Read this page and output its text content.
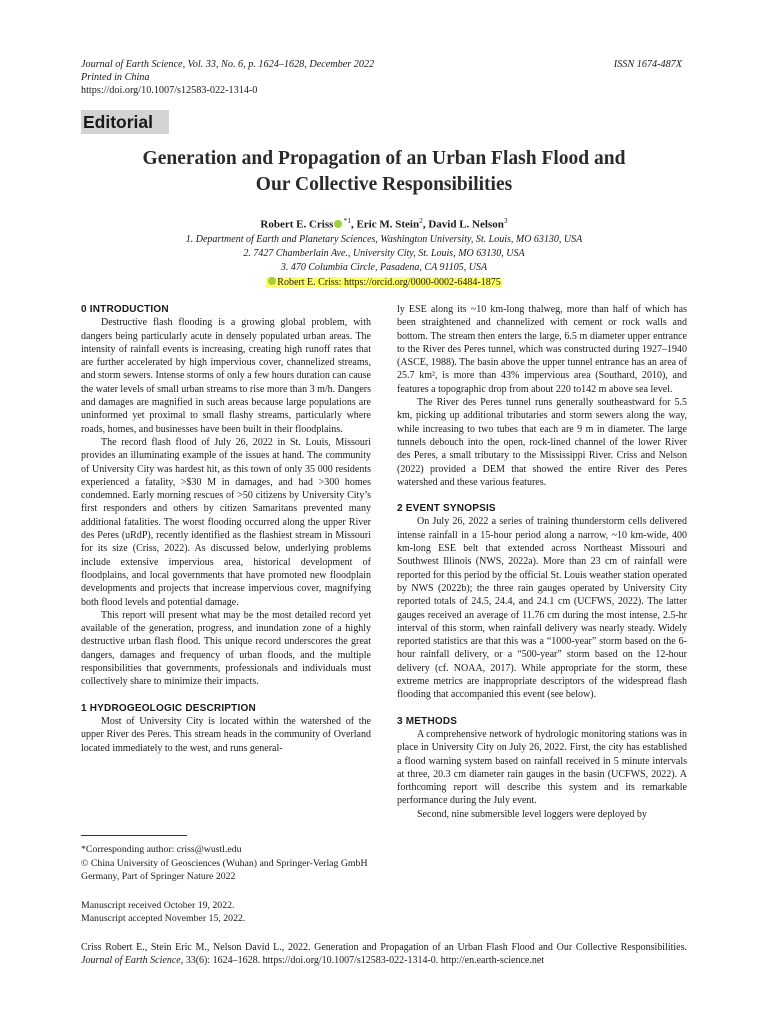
Journal of Earth Science, Vol. 33, No. 6, p. 1624–1628, December 2022	ISSN 1674-487X
Printed in China
https://doi.org/10.1007/s12583-022-1314-0
Editorial
Generation and Propagation of an Urban Flash Flood and
Our Collective Responsibilities
Robert E. Criss $^{*1}$, Eric M. Stein$^2$, David L. Nelson$^3$
1. Department of Earth and Planetary Sciences, Washington University, St. Louis, MO 63130, USA
2. 7427 Chamberlain Ave., University City, St. Louis, MO 63130, USA
3. 470 Columbia Circle, Pasadena, CA 91105, USA
Robert E. Criss: https://orcid.org/0000-0002-6484-1875
0 INTRODUCTION

Destructive flash flooding is a growing global problem, with dangers being particularly acute in densely populated urban areas. The intensity of rainfall events is increasing, creating high runoff rates that are further accelerated by high impervious cover, channelized streams, and storm sewers. Intense storms of only a few hours duration can cause the water levels of small urban streams to rise more than 3 m/h. Dangers and damages are magnified in such areas because large populations are uninformed yet proximal to small flashy streams, particularly where roads, homes, and businesses have been built in their floodplains.

The record flash flood of July 26, 2022 in St. Louis, Missouri provides an illuminating example of the issues at hand. The community of University City was hardest hit, as this town of only 35 000 residents experienced a fatality, >$30 M in damages, and had >300 homes condemned. Early morning rescues of >50 citizens by University City’s first responders and others by citizen Samaritans prevented many additional fatalities. The worst flooding occurred along the upper River des Peres (uRdP), recently identified as the flashiest stream in Missouri for its size (Criss, 2022). As discussed below, underlying problems include extensive impervious area, historical development of floodplains, and local governments that have promoted new floodplain developments and projects that increase impervious cover, magnifying both flood levels and potential damage.

This report will present what may be the most detailed record yet available of the generation, progress, and inundation zone of a highly destructive urban flash flood. This unique record underscores the great dangers, damages and frequency of urban floods, and the multiple responsibilities that governments, professionals and individuals must collectively share to minimize their impacts.

1 HYDROGEOLOGIC DESCRIPTION

Most of University City is located within the watershed of the upper River des Peres. This stream heads in the community of Overland located immediately to the west, and runs general-

*Corresponding author: criss@wustl.edu
© China University of Geosciences (Wuhan) and Springer-Verlag GmbH Germany, Part of Springer Nature 2022
Manuscript received October 19, 2022.
Manuscript accepted November 15, 2022.

ly ESE along its ~10 km-long thalweg, more than half of which has been straightened and channelized with cement or rock walls and bottom. The stream then enters the large, 6.5 m diameter upper entrance to the River des Peres tunnel, which was constructed during 1927–1940 (ASCE, 1988). The basin above the upper tunnel entrance has an area of 25.7 km², is more than 43% impervious area (Southard, 2010), and features a topographic drop from about 220 to142 m above sea level.

The River des Peres tunnel runs generally southeastward for 5.5 km, picking up additional tributaries and storm sewers along the way, while increasing to two tubes that each are 9 m in diameter. The large tunnels debouch into the open, rock-lined channel of the lower River des Peres, a small tributary to the Mississippi River. Criss and Nelson (2022) provided a DEM that showed the entire River des Peres watershed and these various features.

2 EVENT SYNOPSIS

On July 26, 2022 a series of training thunderstorm cells delivered intense rainfall in a 15-hour period along a narrow, ~10 km-wide, 400 km-long ESE belt that extended across Northeast Missouri and Southwest Illinois (NWS, 2022a). More than 23 cm of rainfall were reported for this period by the official St. Louis weather station operated by NWS (2022b); the three rain gauges operated by University City reported totals of 24.5, 24.4, and 24.1 cm (UCFWS, 2022). The latter gauges received an average of 11.76 cm during the most intense, 2.5-hr interval of this storm, when rainfall delivery was nearly steady. Widely reported statistics are that this was a “1000-year” storm based on the 6-hour rainfall delivery, or a “500-year” storm based on the 12-hour delivery (cf. NOAA, 2017). While appropriate for the storm, these extreme metrics are inappropriate descriptors of the widespread flash flooding that accompanied this event (see below).

3 METHODS

A comprehensive network of hydrologic monitoring stations was in place in University City on July 26, 2022. First, the city has established a flood warning system based on rainfall received in 5 minute intervals at three, 20.3 cm diameter rain gauges in the basin (UCFWS, 2022). A forthcoming report will describe this system and its remarkable performance during the July event.

Second, nine submersible level loggers were deployed by

Criss Robert E., Stein Eric M., Nelson David L., 2022. Generation and Propagation of an Urban Flash Flood and Our Collective Responsibilities. Journal of Earth Science, 33(6): 1624–1628. https://doi.org/10.1007/s12583-022-1314-0. http://en.earth-science.net
